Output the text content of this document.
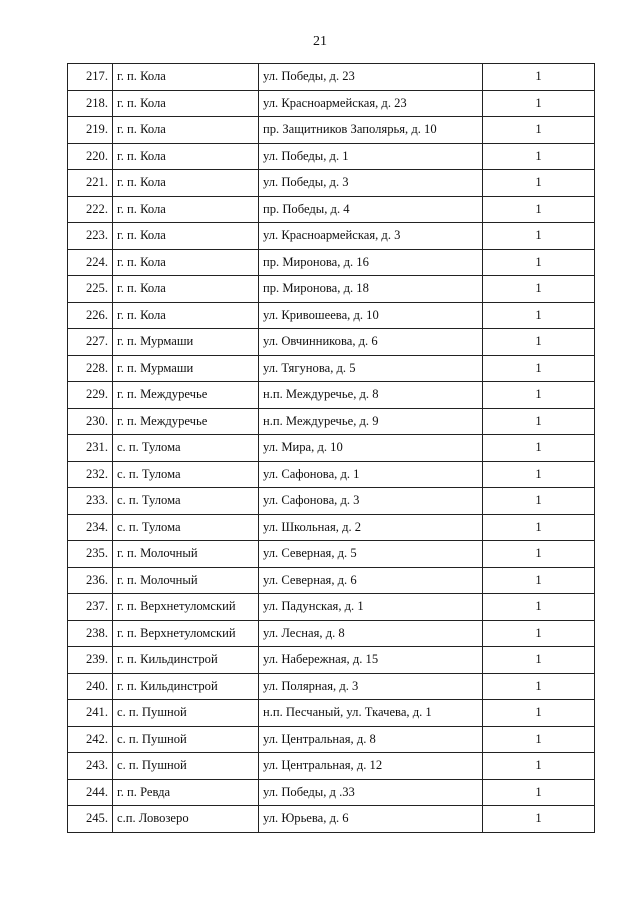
21
217.	г. п. Кола	ул. Победы, д. 23	1
218.	г. п. Кола	ул. Красноармейская, д. 23	1
219.	г. п. Кола	пр. Защитников Заполярья, д. 10	1
220.	г. п. Кола	ул. Победы, д. 1	1
221.	г. п. Кола	ул. Победы, д. 3	1
222.	г. п. Кола	пр. Победы, д. 4	1
223.	г. п. Кола	ул. Красноармейская, д. 3	1
224.	г. п. Кола	пр. Миронова, д. 16	1
225.	г. п. Кола	пр. Миронова, д. 18	1
226.	г. п. Кола	ул. Кривошеева, д. 10	1
227.	г. п. Мурмаши	ул. Овчинникова, д. 6	1
228.	г. п. Мурмаши	ул. Тягунова, д. 5	1
229.	г. п. Междуречье	н.п. Междуречье, д. 8	1
230.	г. п. Междуречье	н.п. Междуречье, д. 9	1
231.	с. п. Тулома	ул. Мира, д. 10	1
232.	с. п. Тулома	ул. Сафонова, д. 1	1
233.	с. п. Тулома	ул. Сафонова, д. 3	1
234.	с. п. Тулома	ул. Школьная, д. 2	1
235.	г. п. Молочный	ул. Северная, д. 5	1
236.	г. п. Молочный	ул. Северная, д. 6	1
237.	г. п. Верхнетуломский	ул. Падунская, д. 1	1
238.	г. п. Верхнетуломский	ул. Лесная, д. 8	1
239.	г. п. Кильдинстрой	ул. Набережная, д. 15	1
240.	г. п. Кильдинстрой	ул. Полярная, д. 3	1
241.	с. п. Пушной	н.п. Песчаный, ул. Ткачева, д. 1	1
242.	с. п. Пушной	ул. Центральная, д. 8	1
243.	с. п. Пушной	ул. Центральная, д. 12	1
244.	г. п. Ревда	ул. Победы, д .33	1
245.	с.п. Ловозеро	ул. Юрьева, д. 6	1
